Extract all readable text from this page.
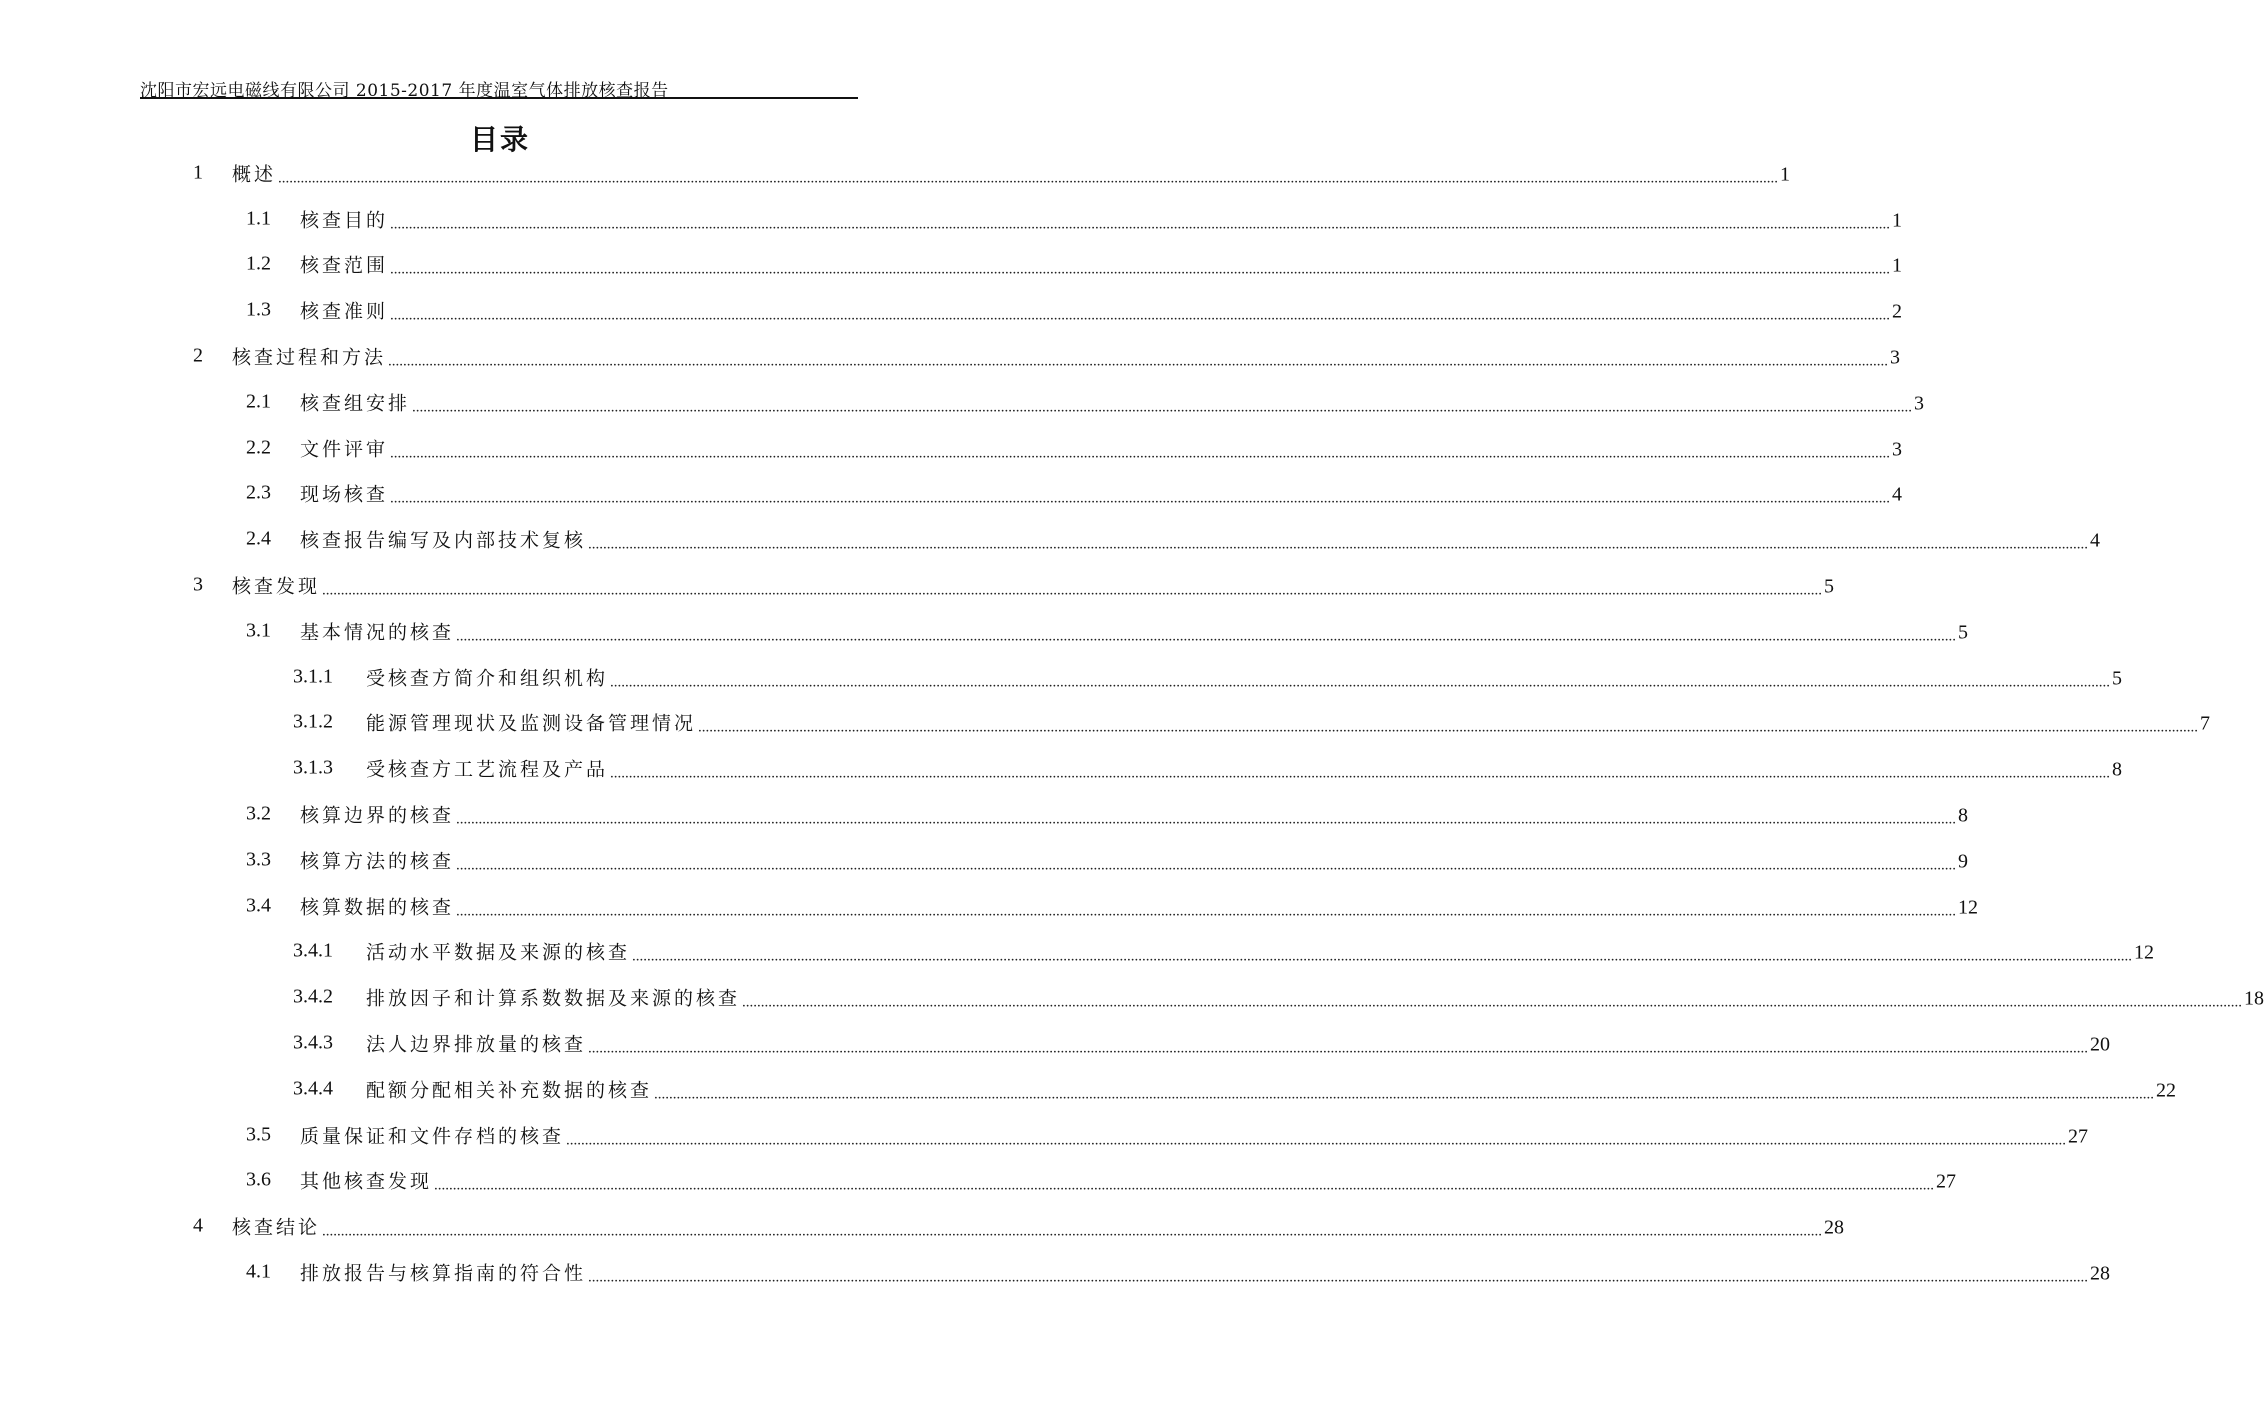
沈阳市宏远电磁线有限公司 2015-2017 年度温室气体排放核查报告
目录
1 概述 ................................................................................................................................................................................................................................................................................................................................................................................................................ 1
1.1 核查目的 ................................................................................................................................................................................................................................................................................................................................................................................................................ 1
1.2 核查范围 ................................................................................................................................................................................................................................................................................................................................................................................................................ 1
1.3 核查准则 ................................................................................................................................................................................................................................................................................................................................................................................................................ 2
2 核查过程和方法 ................................................................................................................................................................................................................................................................................................................................................................................................................ 3
2.1 核查组安排 ................................................................................................................................................................................................................................................................................................................................................................................................................ 3
2.2 文件评审 ................................................................................................................................................................................................................................................................................................................................................................................................................ 3
2.3 现场核查 ................................................................................................................................................................................................................................................................................................................................................................................................................ 4
2.4 核查报告编写及内部技术复核 ................................................................................................................................................................................................................................................................................................................................................................................................................ 4
3 核查发现 ................................................................................................................................................................................................................................................................................................................................................................................................................ 5
3.1 基本情况的核查 ................................................................................................................................................................................................................................................................................................................................................................................................................ 5
3.1.1 受核查方简介和组织机构 ................................................................................................................................................................................................................................................................................................................................................................................................................ 5
3.1.2 能源管理现状及监测设备管理情况 ................................................................................................................................................................................................................................................................................................................................................................................................................ 7
3.1.3 受核查方工艺流程及产品 ................................................................................................................................................................................................................................................................................................................................................................................................................ 8
3.2 核算边界的核查 ................................................................................................................................................................................................................................................................................................................................................................................................................ 8
3.3 核算方法的核查 ................................................................................................................................................................................................................................................................................................................................................................................................................ 9
3.4 核算数据的核查 ................................................................................................................................................................................................................................................................................................................................................................................................................ 12
3.4.1 活动水平数据及来源的核查 ................................................................................................................................................................................................................................................................................................................................................................................................................ 12
3.4.2 排放因子和计算系数数据及来源的核查 ................................................................................................................................................................................................................................................................................................................................................................................................................ 18
3.4.3 法人边界排放量的核查 ................................................................................................................................................................................................................................................................................................................................................................................................................ 20
3.4.4 配额分配相关补充数据的核查 ................................................................................................................................................................................................................................................................................................................................................................................................................ 22
3.5 质量保证和文件存档的核查 ................................................................................................................................................................................................................................................................................................................................................................................................................ 27
3.6 其他核查发现 ................................................................................................................................................................................................................................................................................................................................................................................................................ 27
4 核查结论 ................................................................................................................................................................................................................................................................................................................................................................................................................ 28
4.1 排放报告与核算指南的符合性 ................................................................................................................................................................................................................................................................................................................................................................................................................ 28
